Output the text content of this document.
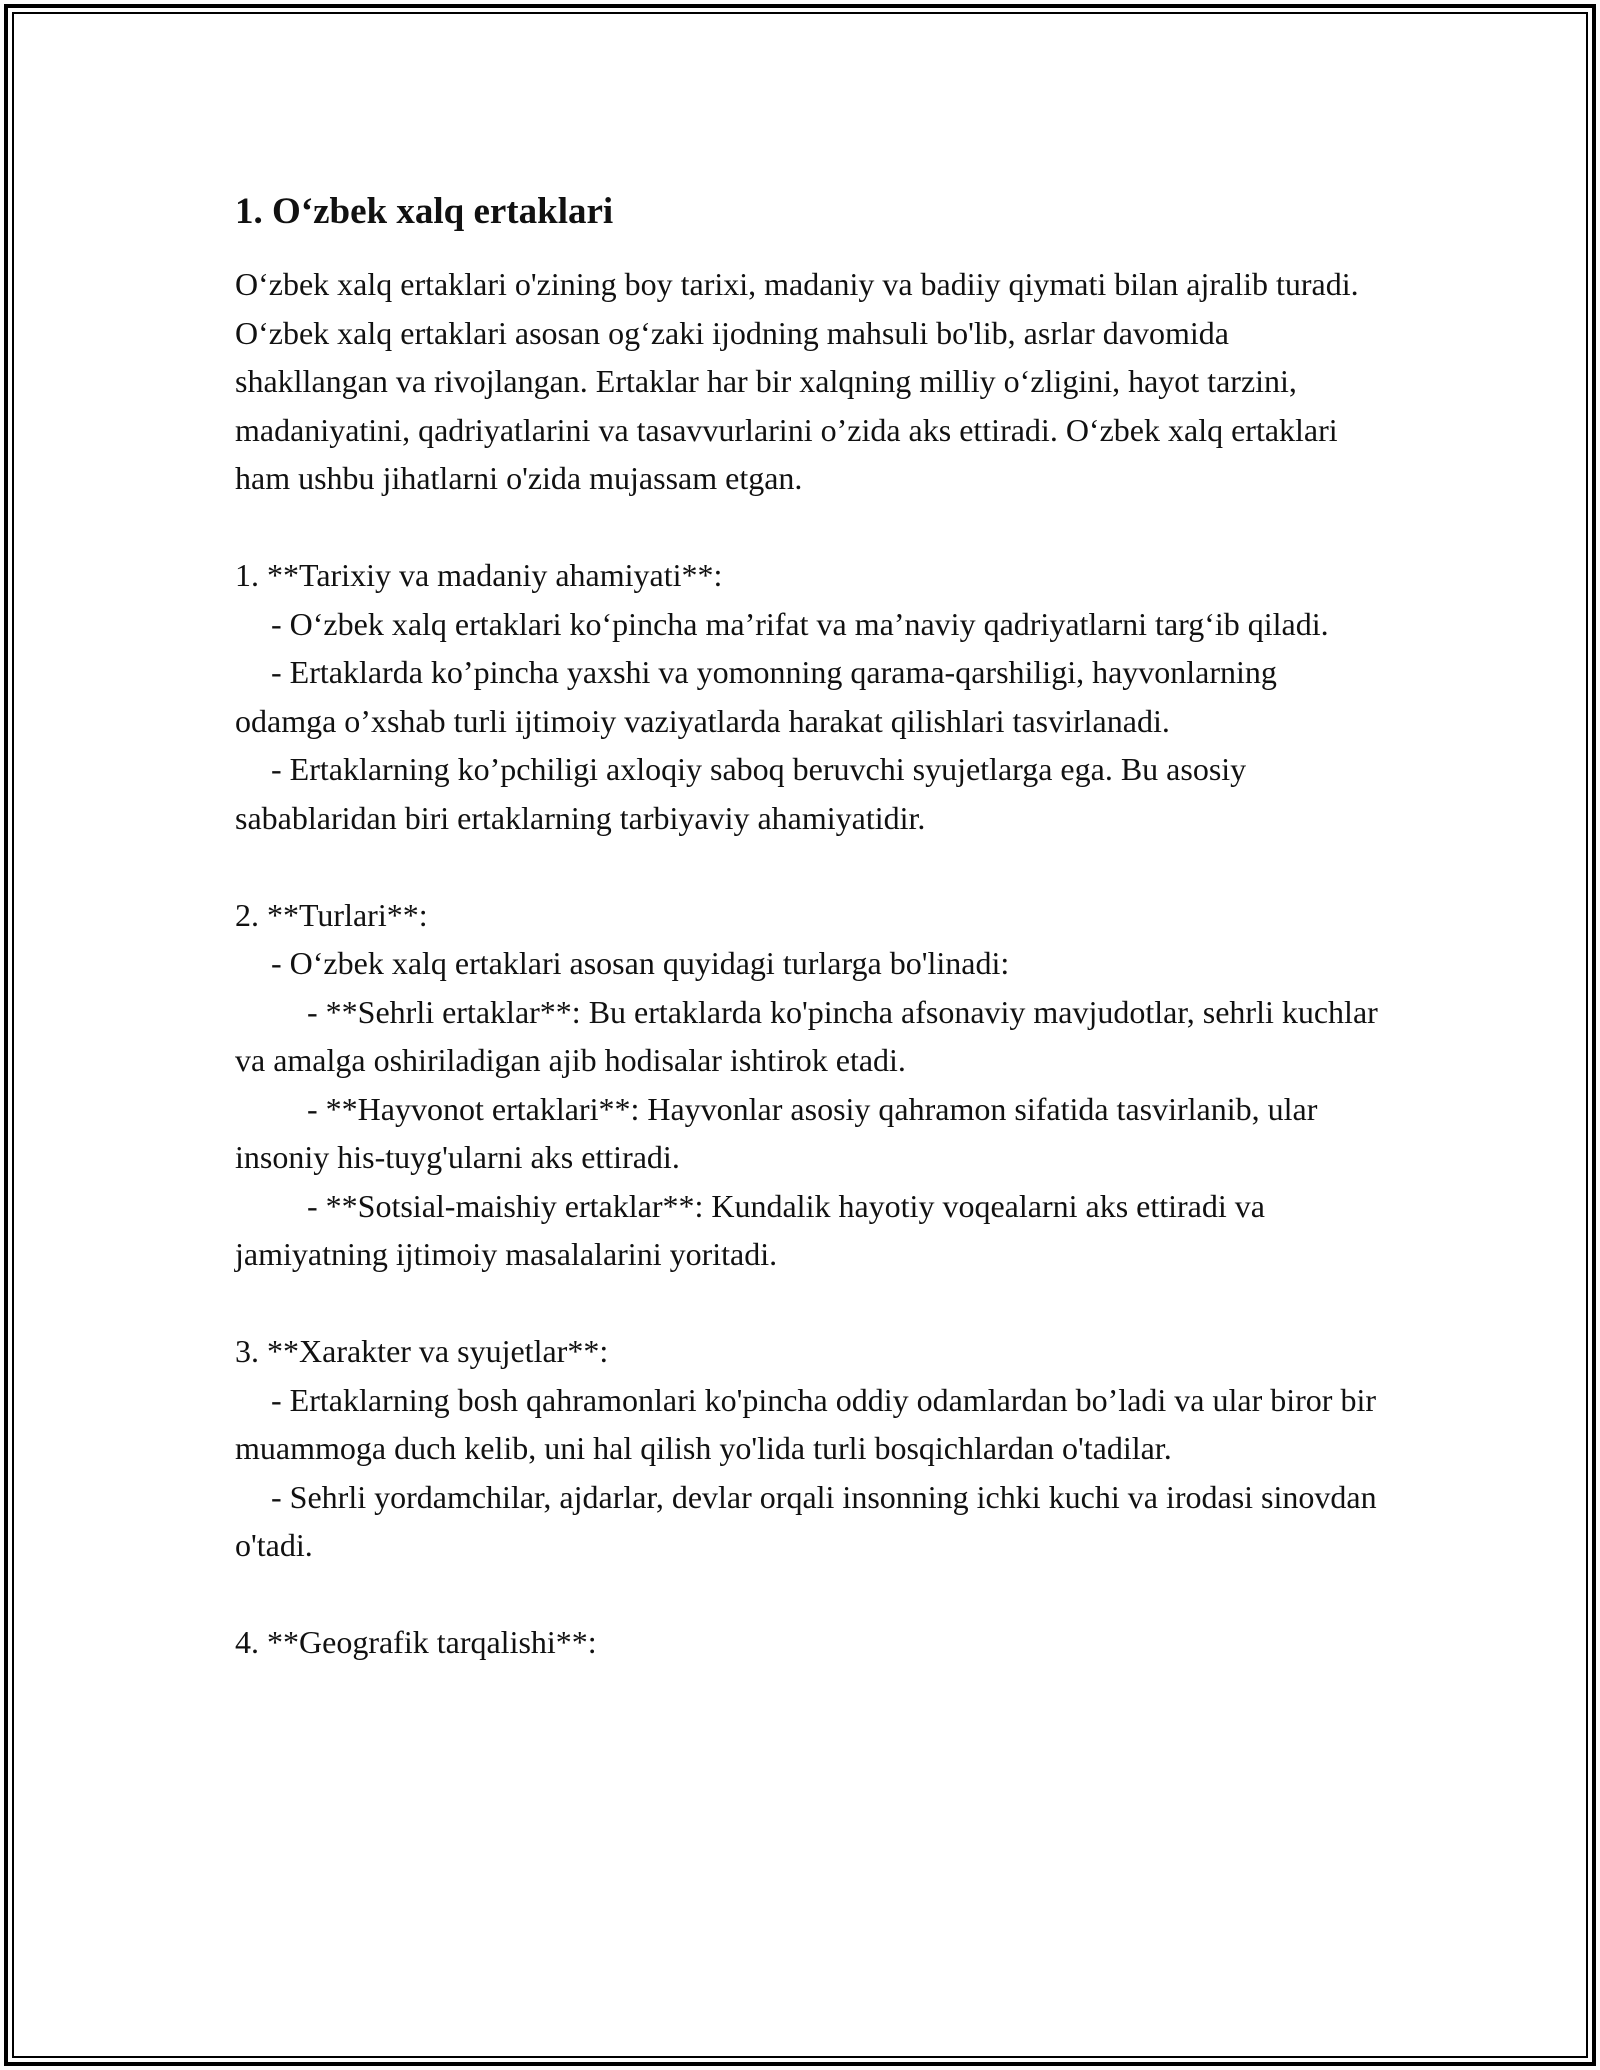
1. O‘zbek xalq ertaklari

O‘zbek xalq ertaklari o'zining boy tarixi, madaniy va badiiy qiymati bilan ajralib turadi. O‘zbek xalq ertaklari asosan og‘zaki ijodning mahsuli bo'lib, asrlar davomida shakllangan va rivojlangan. Ertaklar har bir xalqning milliy o‘zligini, hayot tarzini, madaniyatini, qadriyatlarini va tasavvurlarini o’zida aks ettiradi. O‘zbek xalq ertaklari ham ushbu jihatlarni o'zida mujassam etgan.

1. **Tarixiy va madaniy ahamiyati**:

- O‘zbek xalq ertaklari ko‘pincha ma’rifat va ma’naviy qadriyatlarni targ‘ib qiladi.

- Ertaklarda ko’pincha yaxshi va yomonning qarama-qarshiligi, hayvonlarning odamga o’xshab turli ijtimoiy vaziyatlarda harakat qilishlari tasvirlanadi.

- Ertaklarning ko’pchiligi axloqiy saboq beruvchi syujetlarga ega. Bu asosiy sabablaridan biri ertaklarning tarbiyaviy ahamiyatidir.

2. **Turlari**:

- O‘zbek xalq ertaklari asosan quyidagi turlarga bo'linadi:

- **Sehrli ertaklar**: Bu ertaklarda ko'pincha afsonaviy mavjudotlar, sehrli kuchlar va amalga oshiriladigan ajib hodisalar ishtirok etadi.

- **Hayvonot ertaklari**: Hayvonlar asosiy qahramon sifatida tasvirlanib, ular insoniy his-tuyg'ularni aks ettiradi.

- **Sotsial-maishiy ertaklar**: Kundalik hayotiy voqealarni aks ettiradi va jamiyatning ijtimoiy masalalarini yoritadi.

3. **Xarakter va syujetlar**:

- Ertaklarning bosh qahramonlari ko'pincha oddiy odamlardan bo’ladi va ular biror bir muammoga duch kelib, uni hal qilish yo'lida turli bosqichlardan o'tadilar.

- Sehrli yordamchilar, ajdarlar, devlar orqali insonning ichki kuchi va irodasi sinovdan o'tadi.

4. **Geografik tarqalishi**:
